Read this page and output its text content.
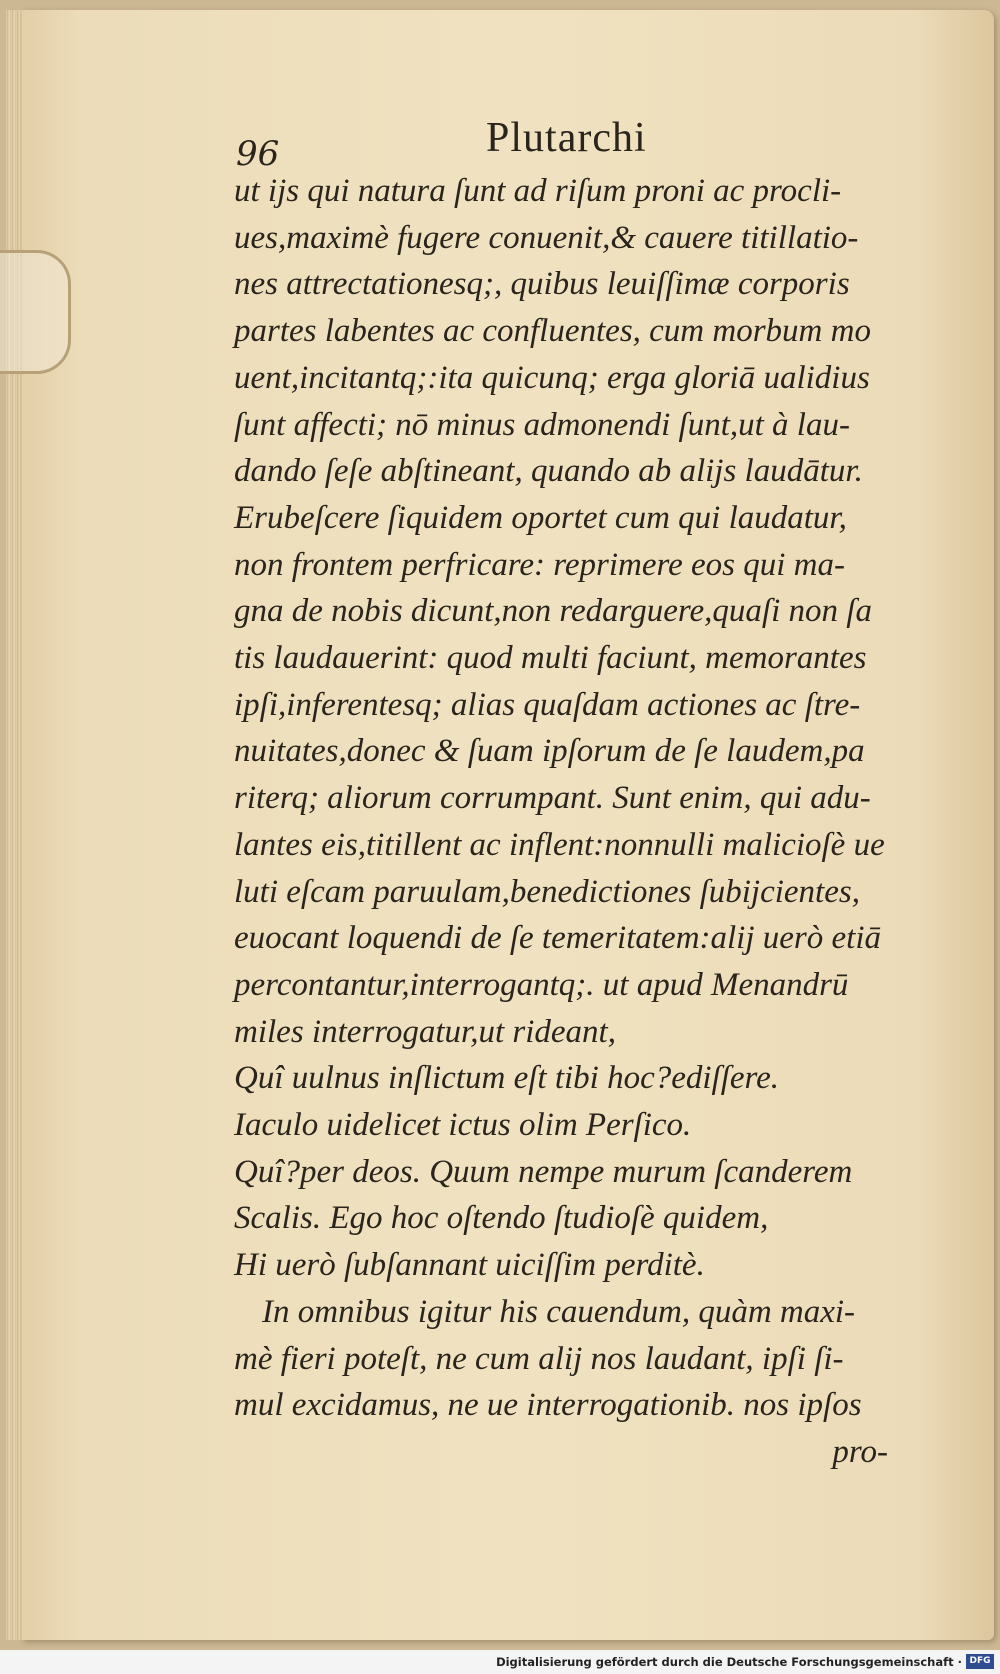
96	Plutarchi
ut ijs qui natura ſunt ad riſum proni ac procli-
ues,maximè fugere conuenit,& cauere titillatio-
nes attrectationesq;, quibus leuiſſimæ corporis
partes labentes ac confluentes, cum morbum mo
uent,incitantq;:ita quicunq; erga gloriā ualidius
ſunt affecti; nō minus admonendi ſunt,ut à lau-
dando ſeſe abſtineant, quando ab alijs laudātur.
Erubeſcere ſiquidem oportet cum qui laudatur,
non frontem perfricare: reprimere eos qui ma-
gna de nobis dicunt,non redarguere,quaſi non ſa
tis laudauerint: quod multi faciunt, memorantes
ipſi,inferentesq; alias quaſdam actiones ac ſtre-
nuitates,donec & ſuam ipſorum de ſe laudem,pa
riterq; aliorum corrumpant. Sunt enim, qui adu-
lantes eis,titillent ac inflent:nonnulli malicioſè ue
luti eſcam paruulam,benedictiones ſubijcientes,
euocant loquendi de ſe temeritatem:alij uerò etiā
percontantur,interrogantq;. ut apud Menandrū
miles interrogatur,ut rideant,
Quî uulnus inſlictum eſt tibi hoc?ediſſere.
Iaculo uidelicet ictus olim Perſico.
Quî?per deos. Quum nempe murum ſcanderem
Scalis. Ego hoc oſtendo ſtudioſè quidem,
Hi uerò ſubſannant uiciſſim perditè.
In omnibus igitur his cauendum, quàm maxi-
mè fieri poteſt, ne cum alij nos laudant, ipſi ſi-
mul excidamus, ne ue interrogationib. nos ipſos
pro-
Digitalisierung gefördert durch die Deutsche Forschungsgemeinschaft · DFG
